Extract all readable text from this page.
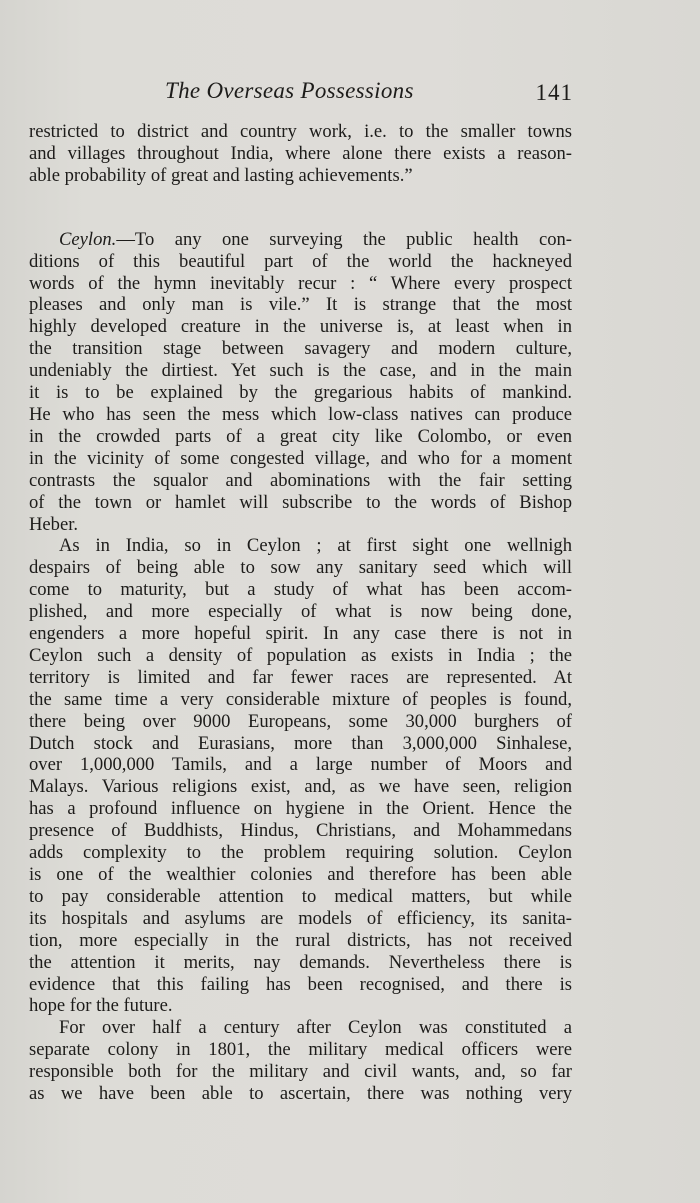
The Overseas Possessions	141

restricted to district and country work, i.e. to the smaller towns
and villages throughout India, where alone there exists a reason-
able probability of great and lasting achievements.”

Ceylon.—To any one surveying the public health con-
ditions of this beautiful part of the world the hackneyed
words of the hymn inevitably recur : “ Where every prospect
pleases and only man is vile.” It is strange that the most
highly developed creature in the universe is, at least when in
the transition stage between savagery and modern culture,
undeniably the dirtiest. Yet such is the case, and in the main
it is to be explained by the gregarious habits of mankind.
He who has seen the mess which low-class natives can produce
in the crowded parts of a great city like Colombo, or even
in the vicinity of some congested village, and who for a moment
contrasts the squalor and abominations with the fair setting
of the town or hamlet will subscribe to the words of Bishop
Heber.

As in India, so in Ceylon ; at first sight one wellnigh
despairs of being able to sow any sanitary seed which will
come to maturity, but a study of what has been accom-
plished, and more especially of what is now being done,
engenders a more hopeful spirit. In any case there is not in
Ceylon such a density of population as exists in India ; the
territory is limited and far fewer races are represented. At
the same time a very considerable mixture of peoples is found,
there being over 9000 Europeans, some 30,000 burghers of
Dutch stock and Eurasians, more than 3,000,000 Sinhalese,
over 1,000,000 Tamils, and a large number of Moors and
Malays. Various religions exist, and, as we have seen, religion
has a profound influence on hygiene in the Orient. Hence the
presence of Buddhists, Hindus, Christians, and Mohammedans
adds complexity to the problem requiring solution. Ceylon
is one of the wealthier colonies and therefore has been able
to pay considerable attention to medical matters, but while
its hospitals and asylums are models of efficiency, its sanita-
tion, more especially in the rural districts, has not received
the attention it merits, nay demands. Nevertheless there is
evidence that this failing has been recognised, and there is
hope for the future.

For over half a century after Ceylon was constituted a
separate colony in 1801, the military medical officers were
responsible both for the military and civil wants, and, so far
as we have been able to ascertain, there was nothing very
